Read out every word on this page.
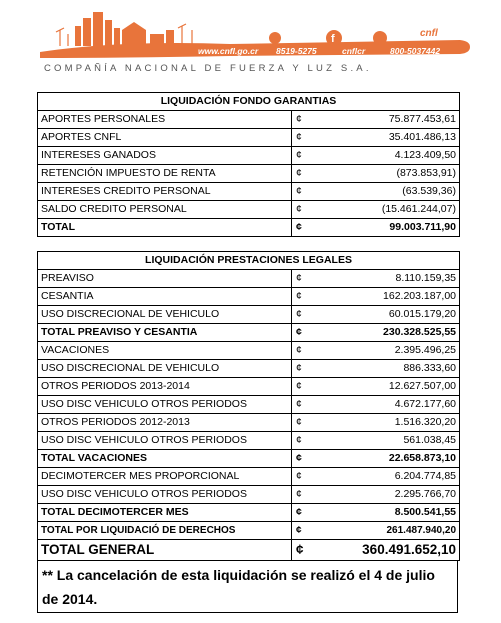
f
www.cnfl.go.cr 8519-5275	cnflcr	800-5037442
cnfl
COMPAÑÍA NACIONAL DE FUERZA Y LUZ S.A.
LIQUIDACIÓN FONDO GARANTIAS		
APORTES PERSONALES	¢	75.877.453,61
APORTES CNFL	¢	35.401.486,13
INTERESES GANADOS	¢	4.123.409,50
RETENCIÓN IMPUESTO DE RENTA	¢	(873.853,91)
INTERESES CREDITO PERSONAL	¢	(63.539,36)
SALDO CREDITO PERSONAL	¢	(15.461.244,07)
TOTAL	¢	99.003.711,90
LIQUIDACIÓN PRESTACIONES LEGALES		
PREAVISO	¢	8.110.159,35
CESANTIA	¢	162.203.187,00
USO DISCRECIONAL DE VEHICULO	¢	60.015.179,20
TOTAL PREAVISO Y CESANTIA	¢	230.328.525,55
VACACIONES	¢	2.395.496,25
USO DISCRECIONAL DE VEHICULO	¢	886.333,60
OTROS PERIODOS 2013-2014	¢	12.627.507,00
USO DISC VEHICULO OTROS PERIODOS	¢	4.672.177,60
OTROS PERIODOS 2012-2013	¢	1.516.320,20
USO DISC VEHICULO OTROS PERIODOS	¢	561.038,45
TOTAL VACACIONES	¢	22.658.873,10
DECIMOTERCER MES PROPORCIONAL	¢	6.204.774,85
USO DISC VEHICULO OTROS PERIODOS	¢	2.295.766,70
TOTAL DECIMOTERCER MES	¢	8.500.541,55
TOTAL POR LIQUIDACIÓ DE DERECHOS	¢	261.487.940,20
TOTAL GENERAL	¢	360.491.652,10
** La cancelación de esta liquidación se realizó el 4 de julio de 2014.
